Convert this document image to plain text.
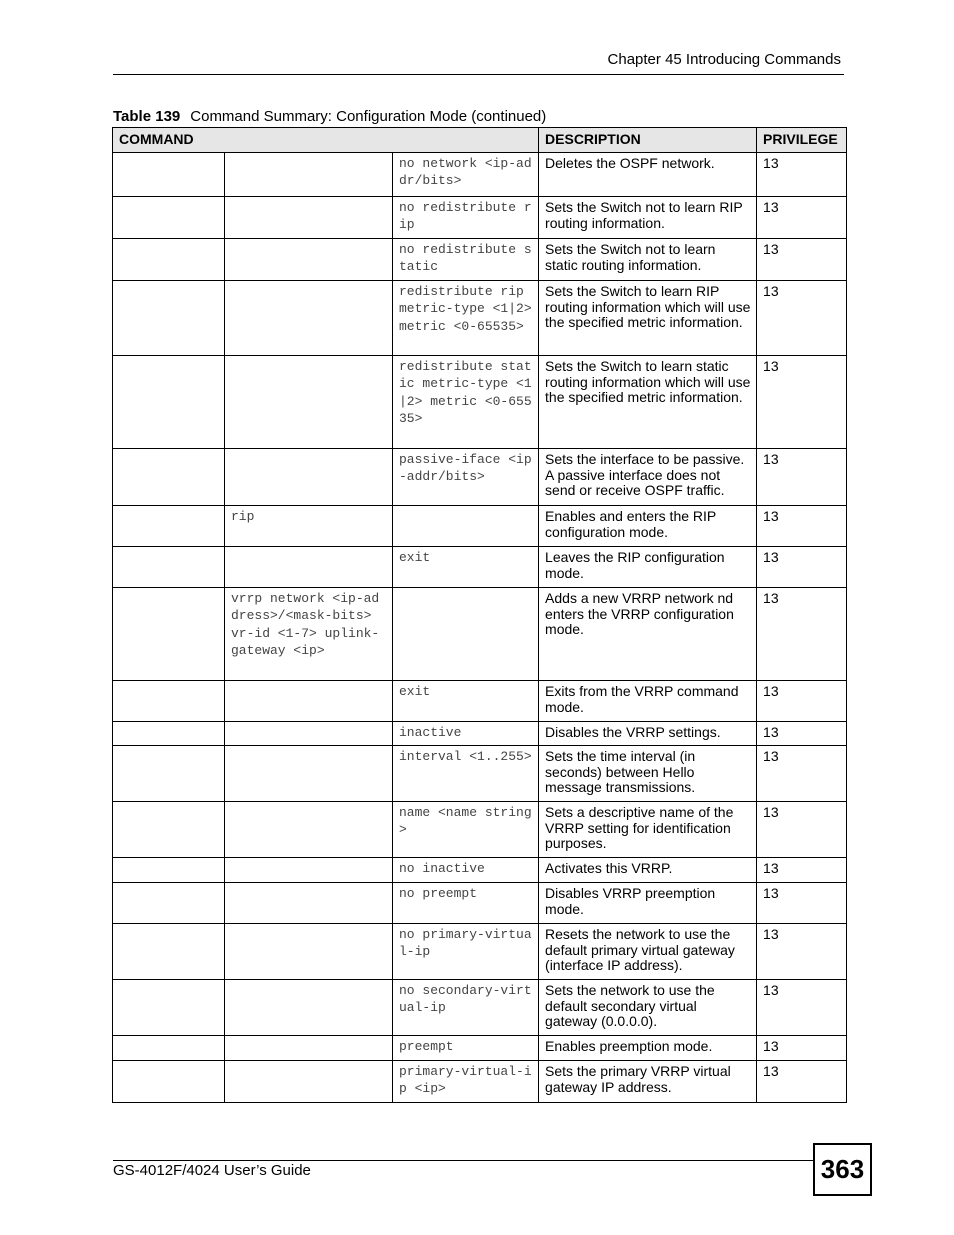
Chapter 45 Introducing Commands
Table 139 Command Summary: Configuration Mode (continued)
COMMAND			DESCRIPTION	PRIVILEGE
		no network <ip-addr/bits>	Deletes the OSPF network.	13
		no redistribute rip	Sets the Switch not to learn RIP routing information.	13
		no redistribute static	Sets the Switch not to learn static routing information.	13
		redistribute rip metric-type <1|2> metric <0-65535>	Sets the Switch to learn RIP routing information which will use the specified metric information.	13
		redistribute static metric-type <1|2> metric <0-65535>	Sets the Switch to learn static routing information which will use the specified metric information.	13
		passive-iface <ip-addr/bits>	Sets the interface to be passive. A passive interface does not send or receive OSPF traffic.	13
	rip		Enables and enters the RIP configuration mode.	13
		exit	Leaves the RIP configuration mode.	13
	vrrp network <ip-address>/<mask-bits> vr-id <1-7> uplink-gateway <ip>		Adds a new VRRP network nd enters the VRRP configuration mode.	13
		exit	Exits from the VRRP command mode.	13
		inactive	Disables the VRRP settings.	13
		interval <1..255>	Sets the time interval (in seconds) between Hello message transmissions.	13
		name <name string>	Sets a descriptive name of the VRRP setting for identification purposes.	13
		no inactive	Activates this VRRP.	13
		no preempt	Disables VRRP preemption mode.	13
		no primary-virtual-ip	Resets the network to use the default primary virtual gateway (interface IP address).	13
		no secondary-virtual-ip	Sets the network to use the default secondary virtual gateway (0.0.0.0).	13
		preempt	Enables preemption mode.	13
		primary-virtual-ip <ip>	Sets the primary VRRP virtual gateway IP address.	13
GS-4012F/4024 User’s Guide	363
